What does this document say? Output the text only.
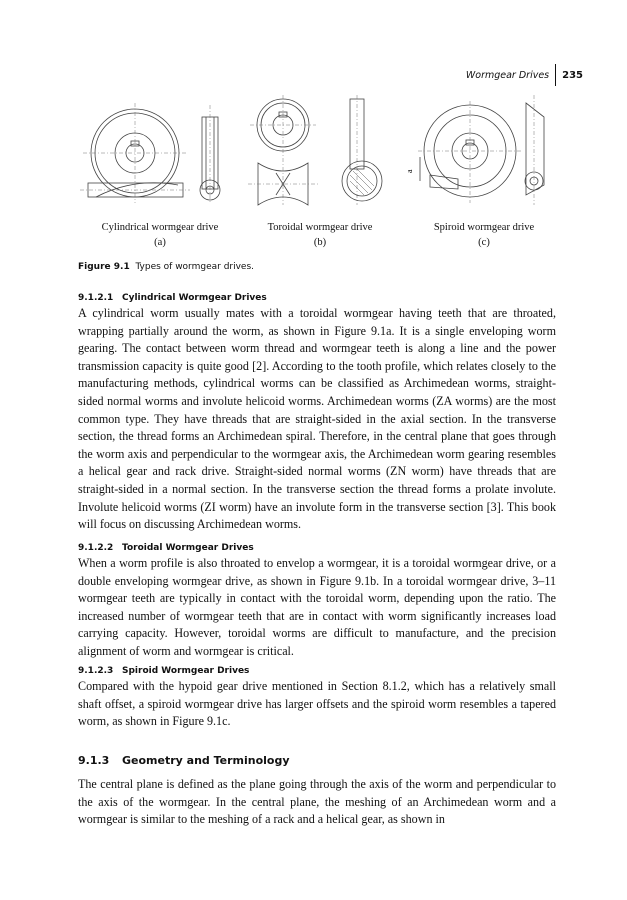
Wormgear Drives	235
a
Cylindrical wormgear drive
(a)
Toroidal wormgear drive
(b)
Spiroid wormgear drive
(c)
Figure 9.1 Types of wormgear drives.
9.1.2.1 Cylindrical Wormgear Drives

A cylindrical worm usually mates with a toroidal wormgear having teeth that are throated, wrapping partially around the worm, as shown in Figure 9.1a. It is a single enveloping worm gearing. The contact between worm thread and wormgear teeth is along a line and the power transmission capacity is quite good [2]. According to the tooth profile, which relates closely to the manufacturing methods, cylindrical worms can be classified as Archimedean worms, straight-sided normal worms and involute helicoid worms. Archimedean worms (ZA worms) are the most common type. They have threads that are straight-sided in the axial section. In the transverse section, the thread forms an Archimedean spiral. Therefore, in the central plane that goes through the worm axis and perpendicular to the wormgear axis, the Archimedean worm gearing resembles a helical gear and rack drive. Straight-sided normal worms (ZN worm) have threads that are straight-sided in a normal section. In the transverse section the thread forms a prolate involute. Involute helicoid worms (ZI worm) have an involute form in the transverse section [3]. This book will focus on discussing Archimedean worms.

9.1.2.2 Toroidal Wormgear Drives

When a worm profile is also throated to envelop a wormgear, it is a toroidal wormgear drive, or a double enveloping wormgear drive, as shown in Figure 9.1b. In a toroidal wormgear drive, 3–11 wormgear teeth are typically in contact with the toroidal worm, depending upon the ratio. The increased number of wormgear teeth that are in contact with worm significantly increases load carrying capacity. However, toroidal worms are difficult to manufacture, and the precision alignment of worm and wormgear is critical.

9.1.2.3 Spiroid Wormgear Drives

Compared with the hypoid gear drive mentioned in Section 8.1.2, which has a relatively small shaft offset, a spiroid wormgear drive has larger offsets and the spiroid worm resembles a tapered worm, as shown in Figure 9.1c.

9.1.3 Geometry and Terminology

The central plane is defined as the plane going through the axis of the worm and perpendicular to the axis of the wormgear. In the central plane, the meshing of an Archimedean worm and a wormgear is similar to the meshing of a rack and a helical gear, as shown in
